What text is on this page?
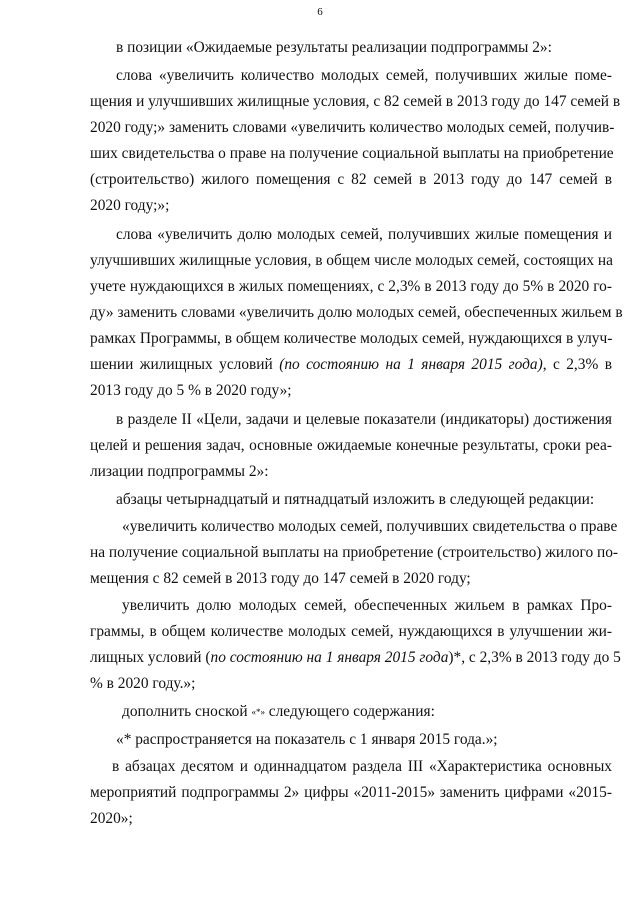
6
в позиции «Ожидаемые результаты реализации подпрограммы 2»:
слова «увеличить количество молодых семей, получивших жилые поме-
щения и улучшивших жилищные условия, с 82 семей в 2013 году до 147 семей в
2020 году;» заменить словами «увеличить количество молодых семей, получив-
ших свидетельства о праве на получение социальной выплаты на приобретение
(строительство) жилого помещения с 82 семей в 2013 году до 147 семей в
2020 году;»;
слова «увеличить долю молодых семей, получивших жилые помещения и
улучшивших жилищные условия, в общем числе молодых семей, состоящих на
учете нуждающихся в жилых помещениях, с 2,3% в 2013 году до 5% в 2020 го-
ду» заменить словами «увеличить долю молодых семей, обеспеченных жильем в
рамках Программы, в общем количестве молодых семей, нуждающихся в улуч-
шении жилищных условий (по состоянию на 1 января 2015 года), с 2,3% в
2013 году до 5 % в 2020 году»;
в разделе II «Цели, задачи и целевые показатели (индикаторы) достижения
целей и решения задач, основные ожидаемые конечные результаты, сроки реа-
лизации подпрограммы 2»:
абзацы четырнадцатый и пятнадцатый изложить в следующей редакции:
«увеличить количество молодых семей, получивших свидетельства о праве
на получение социальной выплаты на приобретение (строительство) жилого по-
мещения с 82 семей в 2013 году до 147 семей в 2020 году;
увеличить долю молодых семей, обеспеченных жильем в рамках Про-
граммы, в общем количестве молодых семей, нуждающихся в улучшении жи-
лищных условий (по состоянию на 1 января 2015 года)*, с 2,3% в 2013 году до 5
% в 2020 году.»;
дополнить сноской «*» следующего содержания:
«* распространяется на показатель с 1 января 2015 года.»;
в абзацах десятом и одиннадцатом раздела III «Характеристика основных
мероприятий подпрограммы 2» цифры «2011-2015» заменить цифрами «2015-
2020»;
